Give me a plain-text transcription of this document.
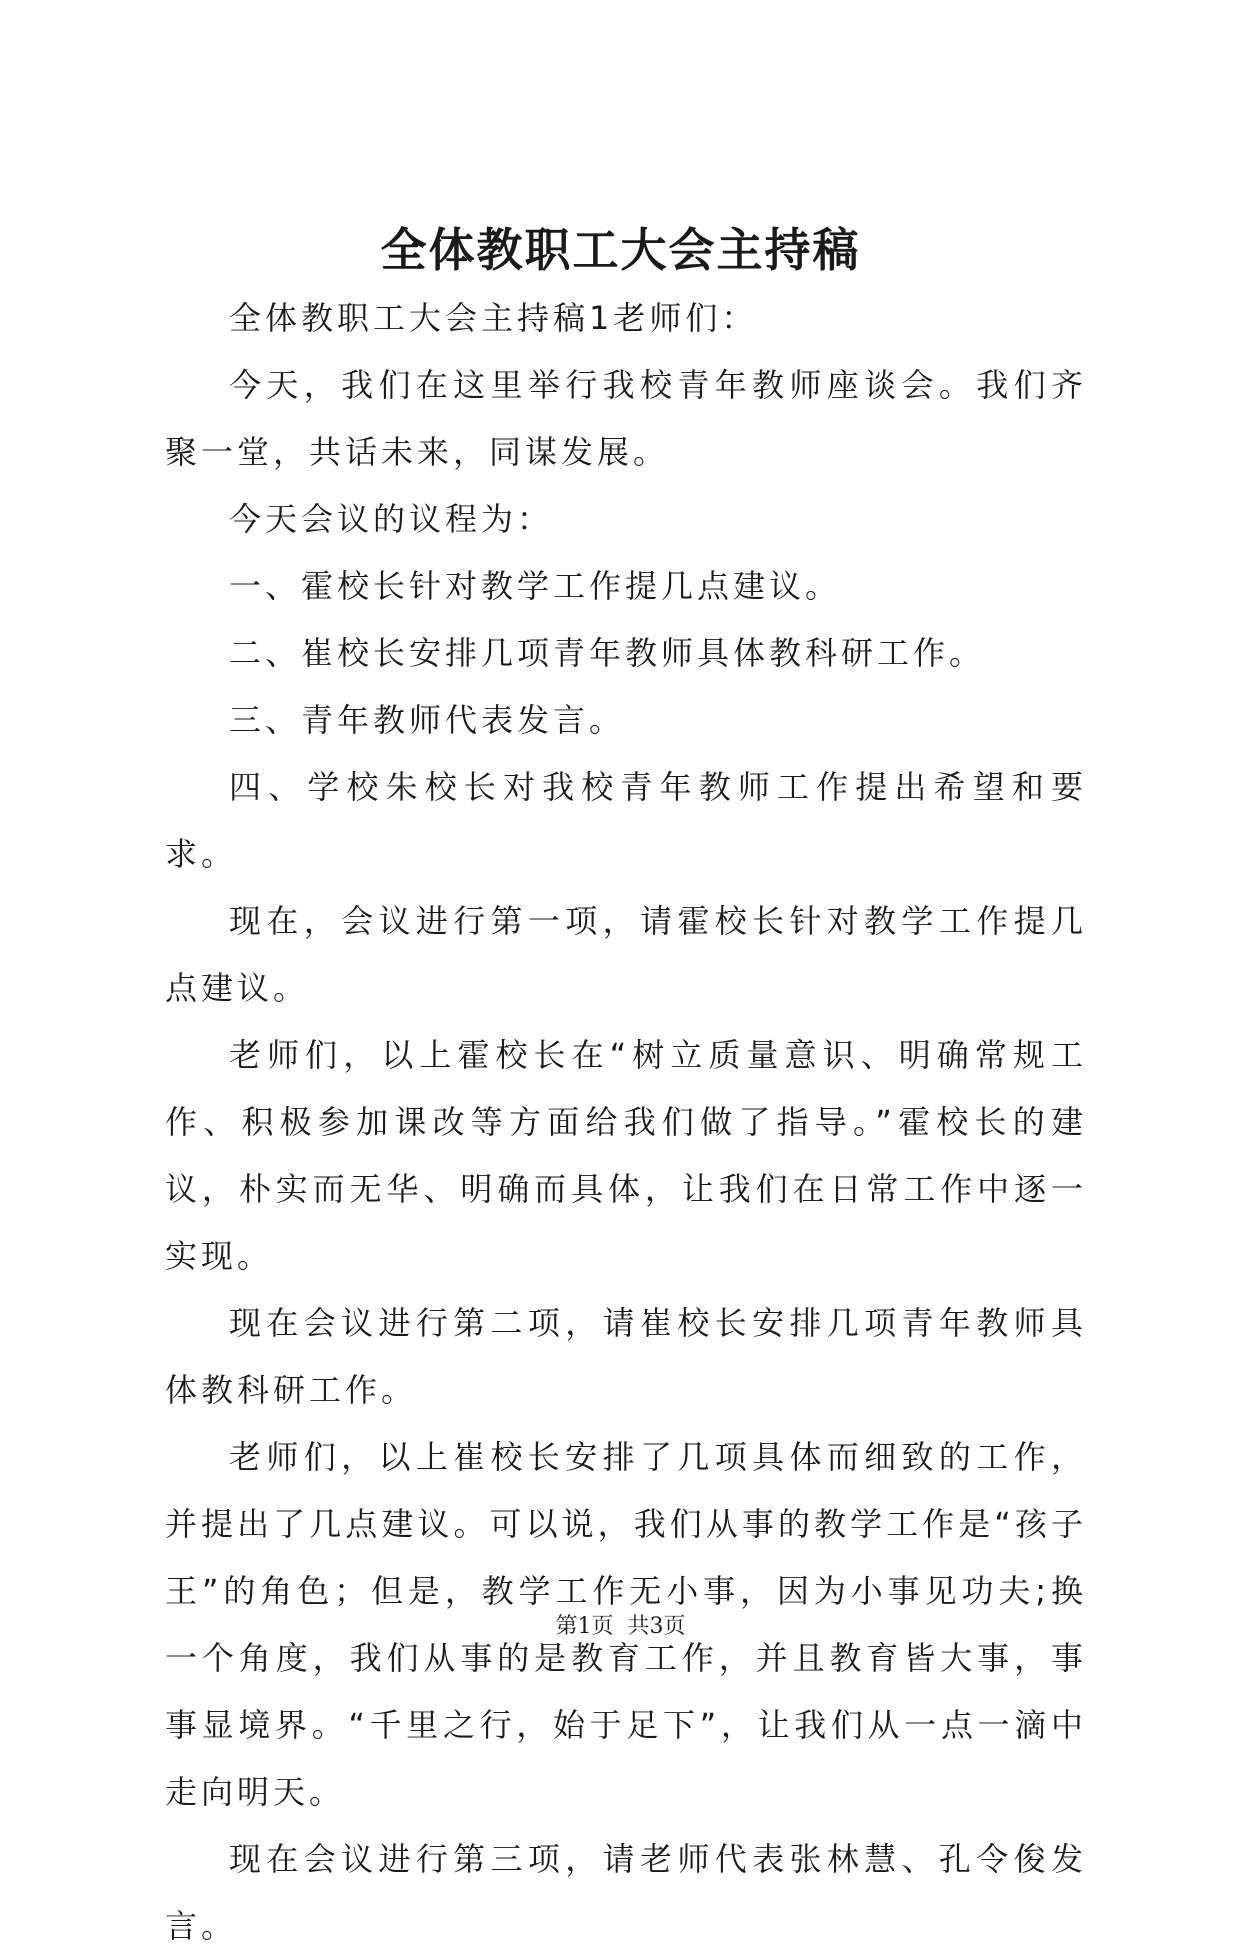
全体教职工大会主持稿

全体教职工大会主持稿1老师们：

今天，我们在这里举行我校青年教师座谈会。我们齐聚一堂，共话未来，同谋发展。

今天会议的议程为：

一、霍校长针对教学工作提几点建议。

二、崔校长安排几项青年教师具体教科研工作。

三、青年教师代表发言。

四、学校朱校长对我校青年教师工作提出希望和要求。

现在，会议进行第一项，请霍校长针对教学工作提几点建议。

老师们，以上霍校长在“树立质量意识、明确常规工作、积极参加课改等方面给我们做了指导。”霍校长的建议，朴实而无华、明确而具体，让我们在日常工作中逐一实现。

现在会议进行第二项，请崔校长安排几项青年教师具体教科研工作。

老师们，以上崔校长安排了几项具体而细致的工作，并提出了几点建议。可以说，我们从事的教学工作是“孩子王”的角色；但是，教学工作无小事，因为小事见功夫;换一个角度，我们从事的是教育工作，并且教育皆大事，事事显境界。“千里之行，始于足下”，让我们从一点一滴中走向明天。

现在会议进行第三项，请老师代表张林慧、孔令俊发言。

第1页 共3页
